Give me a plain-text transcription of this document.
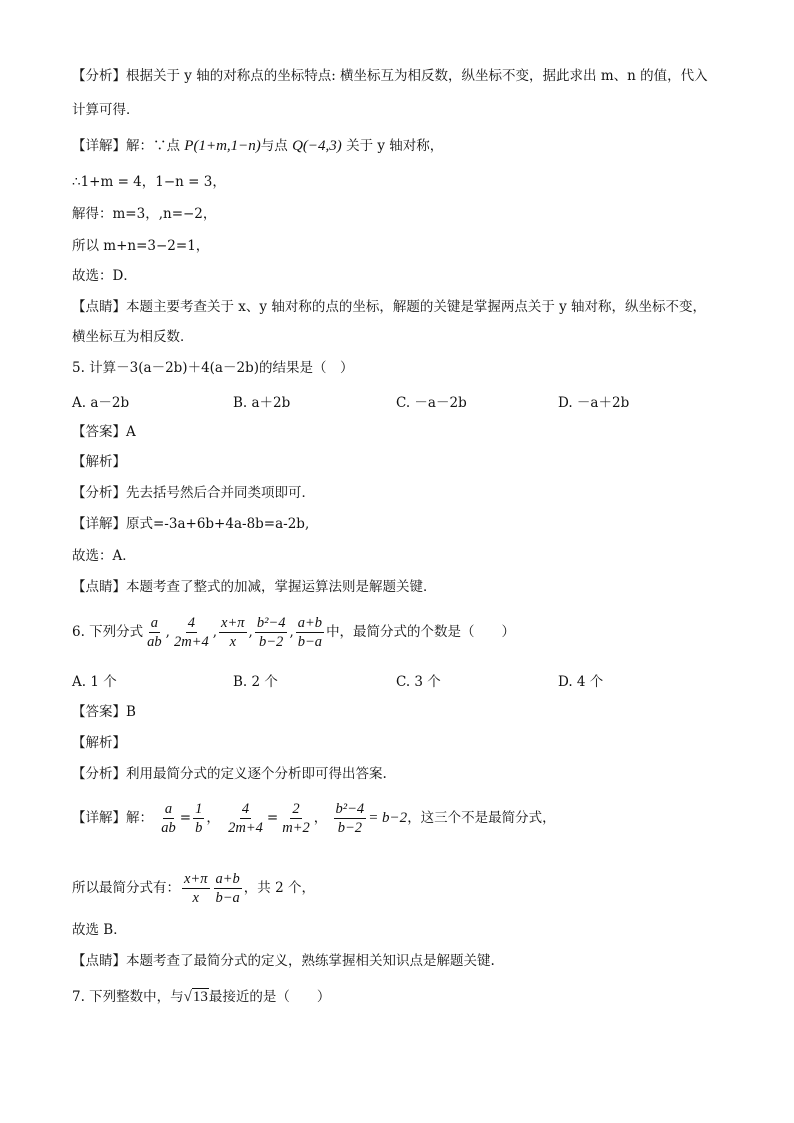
【分析】根据关于 y 轴的对称点的坐标特点: 横坐标互为相反数，纵坐标不变，据此求出 m、n 的值，代入
计算可得．
【详解】解：∵点 P(1+m,1−n)与点 Q(−4,3) 关于 y 轴对称，
∴1+m = 4，1−n = 3，
解得：m=3，,n=−2，
所以 m+n=3−2=1，
故选：D．
【点睛】本题主要考查关于 x、y 轴对称的点的坐标，解题的关键是掌握两点关于 y 轴对称，纵坐标不变，
横坐标互为相反数．
5. 计算－3(a－2b)＋4(a－2b)的结果是（　）
A. a－2b	B. a＋2b	C. －a－2b	D. －a＋2b
【答案】A
【解析】
【分析】先去括号然后合并同类项即可．
【详解】原式=-3a+6b+4a-8b=a-2b,
故选：A．
【点睛】本题考查了整式的加减，掌握运算法则是解题关键．
6. 下列分式 $\frac{a}{ab}$ , $\frac{4}{2m+4}$ , $\frac{x+\pi}{x}$ , $\frac{\text{b²−4}}{b-2}$ , $\frac{a+b}{b-a}$ 中，最简分式的个数是（　　）
A. 1 个	B. 2 个	C. 3 个	D. 4 个
【答案】B
【解析】
【分析】利用最简分式的定义逐个分析即可得出答案.
【详解】解： $\frac{a}{ab} = \frac{1}{b}$ ， $\frac{4}{2m+4} = \frac{2}{m+2}$ ， $\frac{\text{b²−4}}{b-2} = b-2$，这三个不是最简分式，
所以最简分式有： $\frac{x+\pi}{x} \frac{a+b}{b-a}$ ，共 2 个，
故选 B．
【点睛】本题考查了最简分式的定义，熟练掌握相关知识点是解题关键.
7. 下列整数中，与√13最接近的是（　　）
